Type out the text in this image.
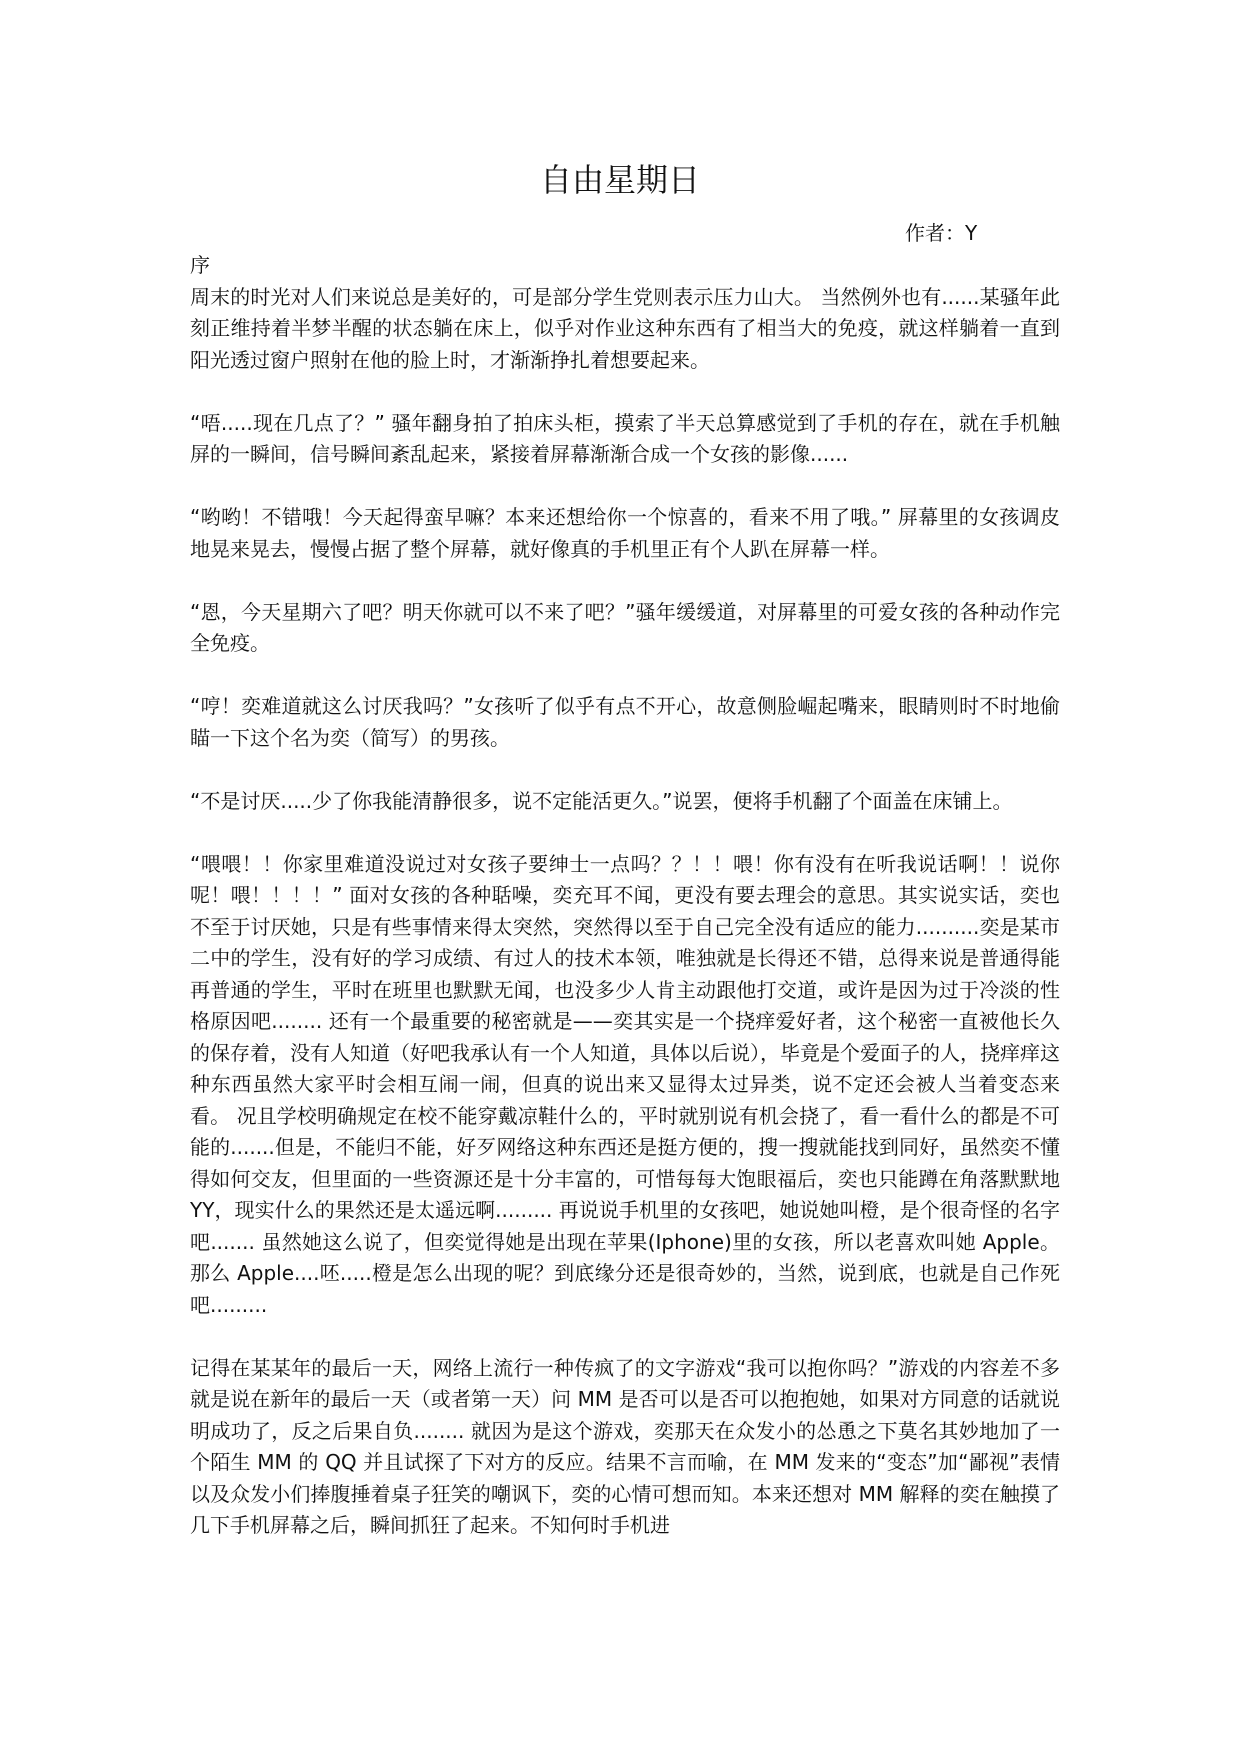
自由星期日
作者：Y

序

周末的时光对人们来说总是美好的，可是部分学生党则表示压力山大。 当然例外也有......某骚年此刻正维持着半梦半醒的状态躺在床上，似乎对作业这种东西有了相当大的免疫，就这样躺着一直到阳光透过窗户照射在他的脸上时，才渐渐挣扎着想要起来。

“唔.....现在几点了？” 骚年翻身拍了拍床头柜，摸索了半天总算感觉到了手机的存在，就在手机触屏的一瞬间，信号瞬间紊乱起来，紧接着屏幕渐渐合成一个女孩的影像......

“哟哟！不错哦！今天起得蛮早嘛？本来还想给你一个惊喜的，看来不用了哦。” 屏幕里的女孩调皮地晃来晃去，慢慢占据了整个屏幕，就好像真的手机里正有个人趴在屏幕一样。

“恩，今天星期六了吧？明天你就可以不来了吧？”骚年缓缓道，对屏幕里的可爱女孩的各种动作完全免疫。

“哼！奕难道就这么讨厌我吗？”女孩听了似乎有点不开心，故意侧脸崛起嘴来，眼睛则时不时地偷瞄一下这个名为奕（简写）的男孩。

“不是讨厌.....少了你我能清静很多，说不定能活更久。”说罢，便将手机翻了个面盖在床铺上。

“喂喂！！你家里难道没说过对女孩子要绅士一点吗？？！！喂！你有没有在听我说话啊！！说你呢！喂！！！！” 面对女孩的各种聒噪，奕充耳不闻，更没有要去理会的意思。其实说实话，奕也不至于讨厌她，只是有些事情来得太突然，突然得以至于自己完全没有适应的能力..........奕是某市二中的学生，没有好的学习成绩、有过人的技术本领，唯独就是长得还不错，总得来说是普通得能再普通的学生，平时在班里也默默无闻，也没多少人肯主动跟他打交道，或许是因为过于冷淡的性格原因吧........ 还有一个最重要的秘密就是——奕其实是一个挠痒爱好者，这个秘密一直被他长久的保存着，没有人知道（好吧我承认有一个人知道，具体以后说），毕竟是个爱面子的人，挠痒痒这种东西虽然大家平时会相互闹一闹，但真的说出来又显得太过异类，说不定还会被人当着变态来看。 况且学校明确规定在校不能穿戴凉鞋什么的，平时就别说有机会挠了，看一看什么的都是不可能的.......但是，不能归不能，好歹网络这种东西还是挺方便的，搜一搜就能找到同好，虽然奕不懂得如何交友，但里面的一些资源还是十分丰富的，可惜每每大饱眼福后，奕也只能蹲在角落默默地 YY，现实什么的果然还是太遥远啊......... 再说说手机里的女孩吧，她说她叫橙，是个很奇怪的名字吧....... 虽然她这么说了，但奕觉得她是出现在苹果(Iphone)里的女孩，所以老喜欢叫她 Apple。那么 Apple....呸.....橙是怎么出现的呢？到底缘分还是很奇妙的，当然，说到底，也就是自己作死吧.........

记得在某某年的最后一天，网络上流行一种传疯了的文字游戏“我可以抱你吗？”游戏的内容差不多就是说在新年的最后一天（或者第一天）问 MM 是否可以是否可以抱抱她，如果对方同意的话就说明成功了，反之后果自负........ 就因为是这个游戏，奕那天在众发小的怂恿之下莫名其妙地加了一个陌生 MM 的 QQ 并且试探了下对方的反应。结果不言而喻，在 MM 发来的“变态”加“鄙视”表情以及众发小们捧腹捶着桌子狂笑的嘲讽下，奕的心情可想而知。本来还想对 MM 解释的奕在触摸了几下手机屏幕之后，瞬间抓狂了起来。不知何时手机进
